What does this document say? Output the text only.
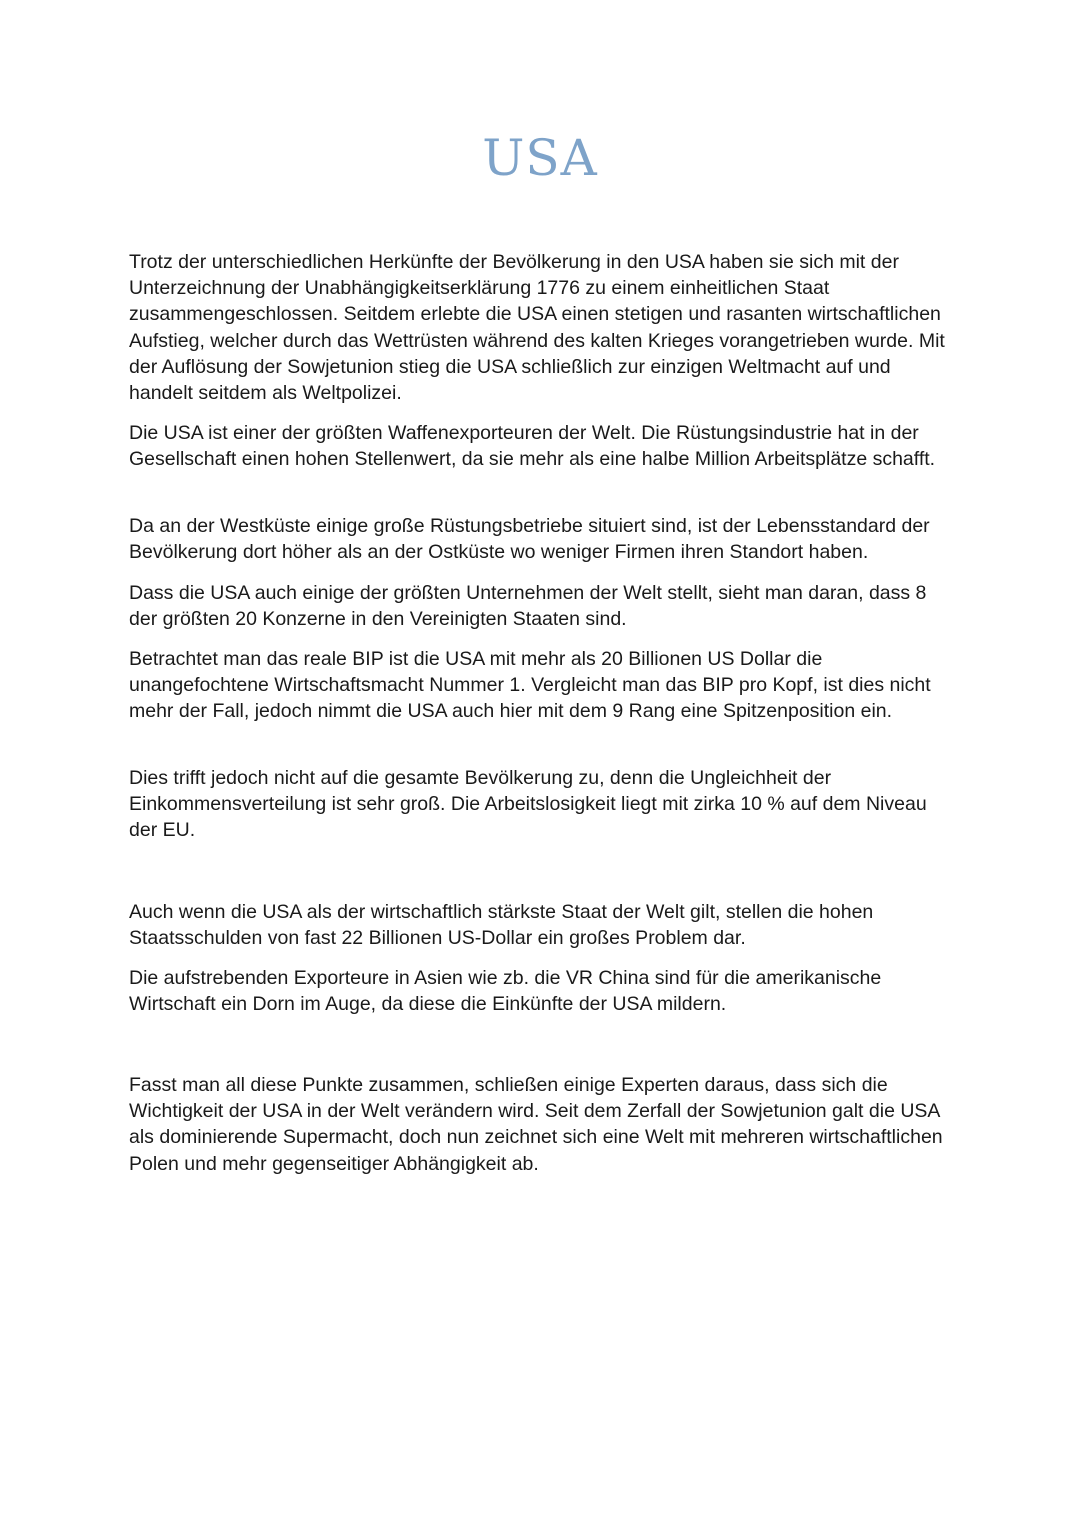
USA

Trotz der unterschiedlichen Herkünfte der Bevölkerung in den USA haben sie sich mit der Unterzeichnung der Unabhängigkeitserklärung 1776 zu einem einheitlichen Staat zusammengeschlossen. Seitdem erlebte die USA einen stetigen und rasanten wirtschaftlichen Aufstieg, welcher durch das Wettrüsten während des kalten Krieges vorangetrieben wurde. Mit der Auflösung der Sowjetunion stieg die USA schließlich zur einzigen Weltmacht auf und handelt seitdem als Weltpolizei.

Die USA ist einer der größten Waffenexporteuren der Welt. Die Rüstungsindustrie hat in der Gesellschaft einen hohen Stellenwert, da sie mehr als eine halbe Million Arbeitsplätze schafft.

Da an der Westküste einige große Rüstungsbetriebe situiert sind, ist der Lebensstandard der Bevölkerung dort höher als an der Ostküste wo weniger Firmen ihren Standort haben.

Dass die USA auch einige der größten Unternehmen der Welt stellt, sieht man daran, dass 8 der größten 20 Konzerne in den Vereinigten Staaten sind.

Betrachtet man das reale BIP ist die USA mit mehr als 20 Billionen US Dollar die unangefochtene Wirtschaftsmacht Nummer 1. Vergleicht man das BIP pro Kopf, ist dies nicht mehr der Fall, jedoch nimmt die USA auch hier mit dem 9 Rang eine Spitzenposition ein.

Dies trifft jedoch nicht auf die gesamte Bevölkerung zu, denn die Ungleichheit der Einkommensverteilung ist sehr groß. Die Arbeitslosigkeit liegt mit zirka 10 % auf dem Niveau der EU.

Auch wenn die USA als der wirtschaftlich stärkste Staat der Welt gilt, stellen die hohen Staatsschulden von fast 22 Billionen US-Dollar ein großes Problem dar.

Die aufstrebenden Exporteure in Asien wie zb. die VR China sind für die amerikanische Wirtschaft ein Dorn im Auge, da diese die Einkünfte der USA mildern.

Fasst man all diese Punkte zusammen, schließen einige Experten daraus, dass sich die Wichtigkeit der USA in der Welt verändern wird. Seit dem Zerfall der Sowjetunion galt die USA als dominierende Supermacht, doch nun zeichnet sich eine Welt mit mehreren wirtschaftlichen Polen und mehr gegenseitiger Abhängigkeit ab.
